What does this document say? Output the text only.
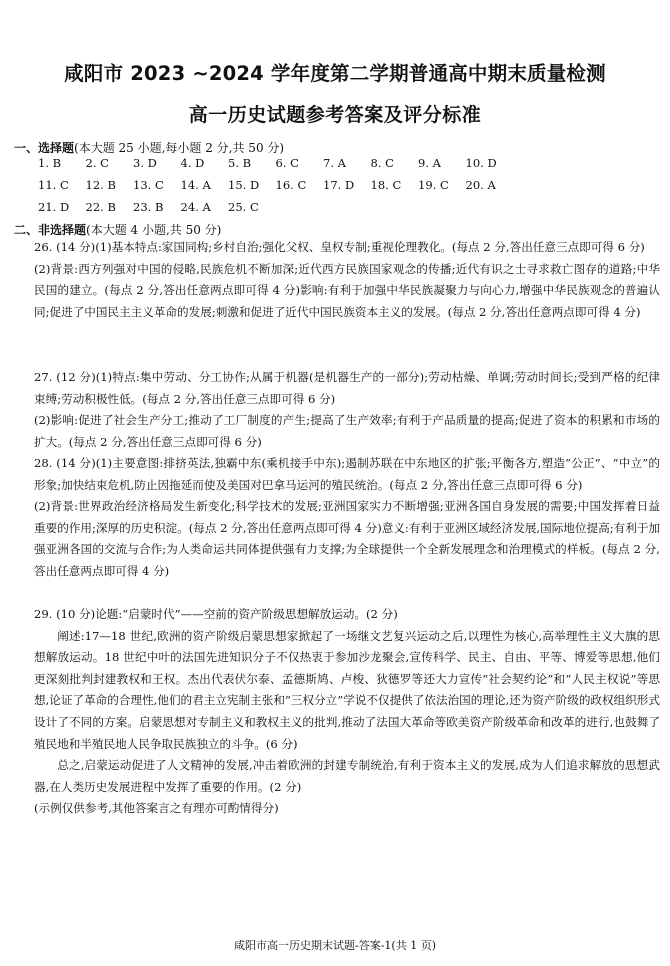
咸阳市 2023 ~2024 学年度第二学期普通高中期末质量检测
高一历史试题参考答案及评分标准
一、选择题(本大题 25 小题,每小题 2 分,共 50 分)
1. B 2. C 3. D 4. D 5. B 6. C 7. A 8. C 9. A 10. D
11. C 12. B 13. C 14. A 15. D 16. C 17. D 18. C 19. C 20. A
21. D 22. B 23. B 24. A 25. C
二、非选择题(本大题 4 小题,共 50 分)

26. (14 分)(1)基本特点:家国同构;乡村自治;强化父权、皇权专制;重视伦理教化。(每点 2 分,答出任意三点即可得 6 分)

(2)背景:西方列强对中国的侵略,民族危机不断加深;近代西方民族国家观念的传播;近代有识之士寻求救亡图存的道路;中华民国的建立。(每点 2 分,答出任意两点即可得 4 分)影响:有利于加强中华民族凝聚力与向心力,增强中华民族观念的普遍认同;促进了中国民主主义革命的发展;刺激和促进了近代中国民族资本主义的发展。(每点 2 分,答出任意两点即可得 4 分)

27. (12 分)(1)特点:集中劳动、分工协作;从属于机器(是机器生产的一部分);劳动枯燥、单调;劳动时间长;受到严格的纪律束缚;劳动积极性低。(每点 2 分,答出任意三点即可得 6 分)

(2)影响:促进了社会生产分工;推动了工厂制度的产生;提高了生产效率;有利于产品质量的提高;促进了资本的积累和市场的扩大。(每点 2 分,答出任意三点即可得 6 分)

28. (14 分)(1)主要意图:排挤英法,独霸中东(乘机接手中东);遏制苏联在中东地区的扩张;平衡各方,塑造“公正”、“中立”的形象;加快结束危机,防止因拖延而使及美国对巴拿马运河的殖民统治。(每点 2 分,答出任意三点即可得 6 分)

(2)背景:世界政治经济格局发生新变化;科学技术的发展;亚洲国家实力不断增强;亚洲各国自身发展的需要;中国发挥着日益重要的作用;深厚的历史积淀。(每点 2 分,答出任意两点即可得 4 分)意义:有利于亚洲区域经济发展,国际地位提高;有利于加强亚洲各国的交流与合作;为人类命运共同体提供强有力支撑;为全球提供一个全新发展理念和治理模式的样板。(每点 2 分,答出任意两点即可得 4 分)

29. (10 分)论题:“启蒙时代”——空前的资产阶级思想解放运动。(2 分)

阐述:17—18 世纪,欧洲的资产阶级启蒙思想家掀起了一场继文艺复兴运动之后,以理性为核心,高举理性主义大旗的思想解放运动。18 世纪中叶的法国先进知识分子不仅热衷于参加沙龙聚会,宣传科学、民主、自由、平等、博爱等思想,他们更深刻批判封建教权和王权。杰出代表伏尔泰、孟德斯鸠、卢梭、狄德罗等还大力宣传“社会契约论”和“人民主权说”等思想,论证了革命的合理性,他们的君主立宪制主张和“三权分立”学说不仅提供了依法治国的理论,还为资产阶级的政权组织形式设计了不同的方案。启蒙思想对专制主义和教权主义的批判,推动了法国大革命等欧美资产阶级革命和改革的进行,也鼓舞了殖民地和半殖民地人民争取民族独立的斗争。(6 分)

总之,启蒙运动促进了人文精神的发展,冲击着欧洲的封建专制统治,有利于资本主义的发展,成为人们追求解放的思想武器,在人类历史发展进程中发挥了重要的作用。(2 分)

(示例仅供参考,其他答案言之有理亦可酌情得分)

咸阳市高一历史期末试题-答案-1(共 1 页)
